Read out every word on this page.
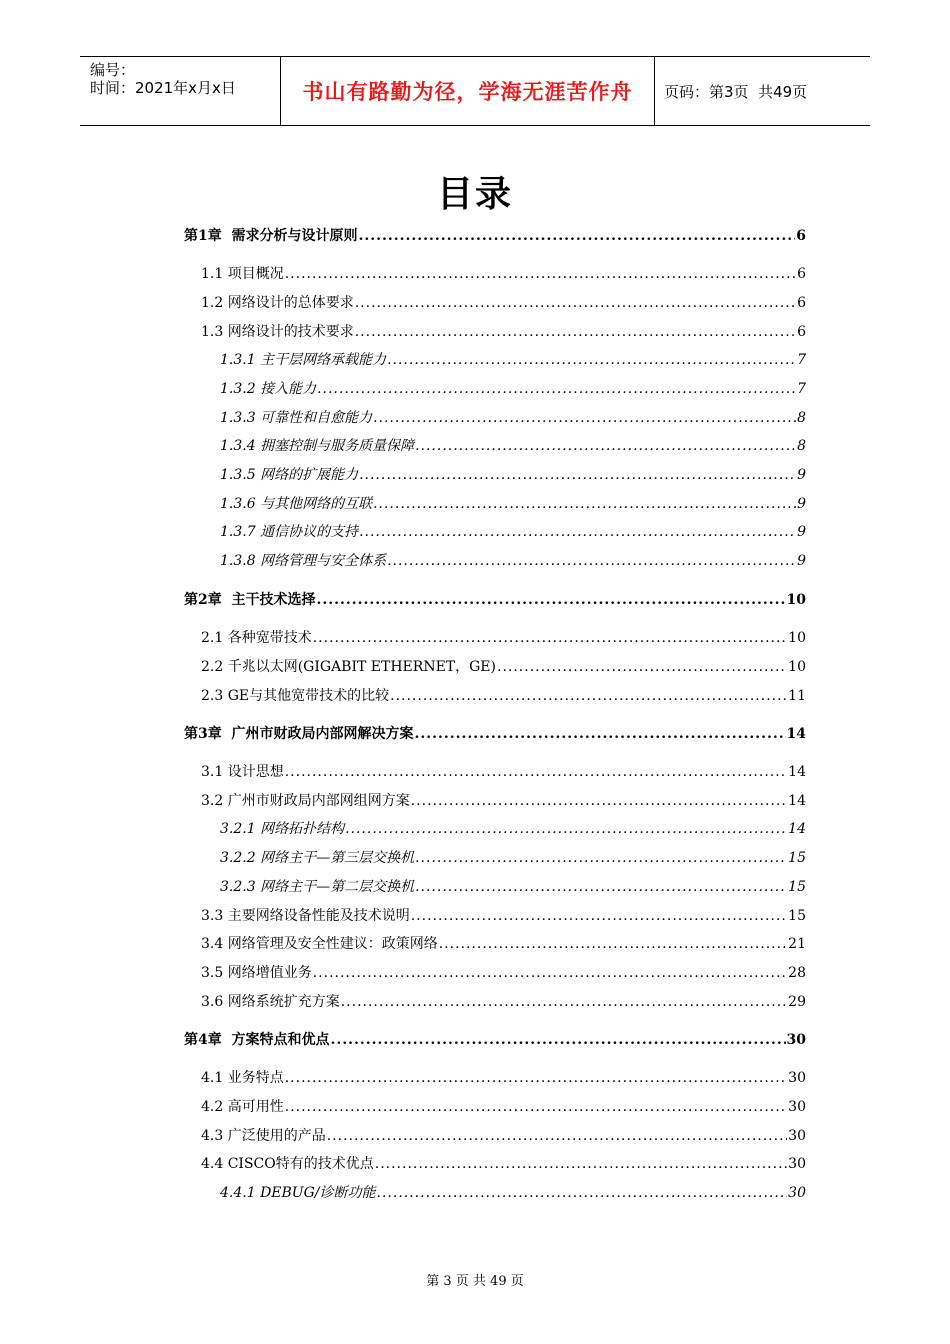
编号：
时间：2021年x月x日	书山有路勤为径，学海无涯苦作舟	页码：第3页  共49页
目录
第1章  需求分析与设计原则 .....	6
1.1 项目概况 .....	6
1.2 网络设计的总体要求 .....	6
1.3 网络设计的技术要求 .....	6
1.3.1 主干层网络承载能力 .....	7
1.3.2 接入能力 .....	7
1.3.3 可靠性和自愈能力 .....	8
1.3.4 拥塞控制与服务质量保障 .....	8
1.3.5 网络的扩展能力 .....	9
1.3.6 与其他网络的互联 .....	9
1.3.7 通信协议的支持 .....	9
1.3.8 网络管理与安全体系 .....	9
第2章  主干技术选择 .....	10
2.1 各种宽带技术 .....	10
2.2 千兆以太网(GIGABIT ETHERNET，GE) .....	10
2.3 GE与其他宽带技术的比较 .....	11
第3章  广州市财政局内部网解决方案 .....	14
3.1 设计思想 .....	14
3.2 广州市财政局内部网组网方案 .....	14
3.2.1 网络拓扑结构 .....	14
3.2.2 网络主干—第三层交换机 .....	15
3.2.3 网络主干—第二层交换机 .....	15
3.3 主要网络设备性能及技术说明 .....	15
3.4 网络管理及安全性建议：政策网络 .....	21
3.5 网络增值业务 .....	28
3.6 网络系统扩充方案 .....	29
第4章  方案特点和优点 .....	30
4.1 业务特点 .....	30
4.2 高可用性 .....	30
4.3 广泛使用的产品 .....	30
4.4 CISCO特有的技术优点 .....	30
4.4.1 DEBUG/诊断功能 .....	30
第 3 页 共 49 页
